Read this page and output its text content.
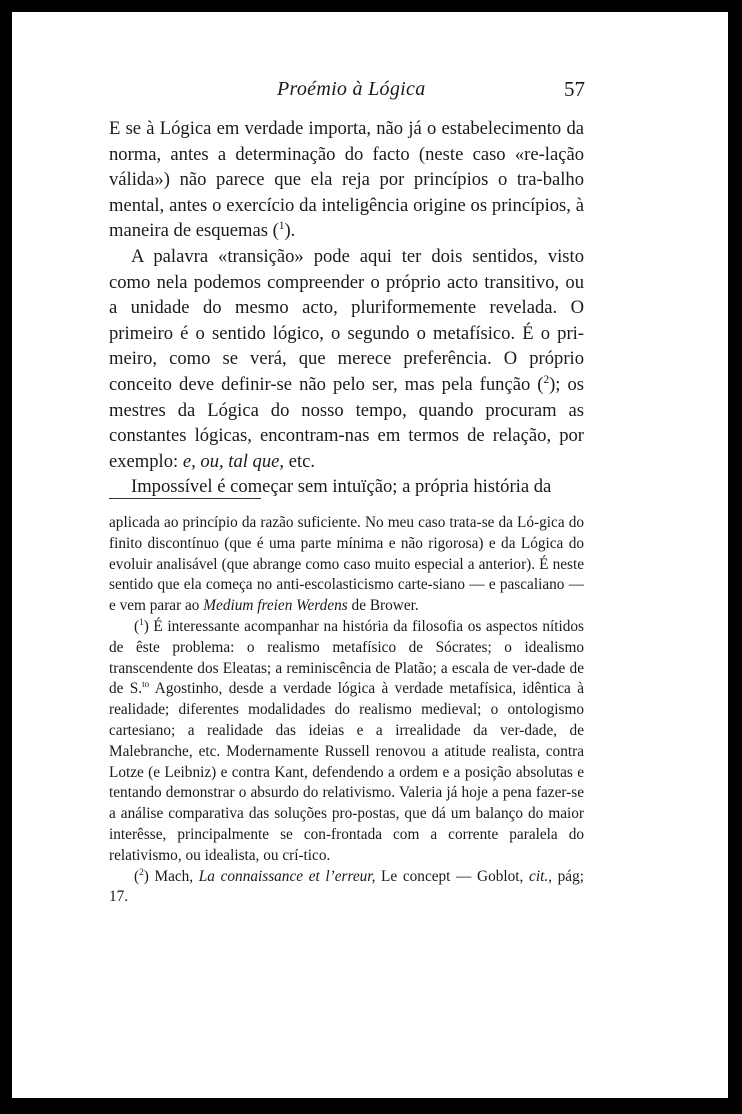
Proémio à Lógica	57

E se à Lógica em verdade importa, não já o estabelecimento da norma, antes a determinação do facto (neste caso «re-lação válida») não parece que ela reja por princípios o tra-balho mental, antes o exercício da inteligência origine os princípios, à maneira de esquemas ($^1$).

A palavra «transição» pode aqui ter dois sentidos, visto como nela podemos compreender o próprio acto transitivo, ou a unidade do mesmo acto, pluriformemente revelada. O primeiro é o sentido lógico, o segundo o metafísico. É o pri-meiro, como se verá, que merece preferência. O próprio conceito deve definir-se não pelo ser, mas pela função ($^2$); os mestres da Lógica do nosso tempo, quando procuram as constantes lógicas, encontram-nas em termos de relação, por exemplo: e, ou, tal que, etc.

Impossível é começar sem intuïção; a própria história da

aplicada ao princípio da razão suficiente. No meu caso trata-se da Ló-gica do finito discontínuo (que é uma parte mínima e não rigorosa) e da Lógica do evoluir analisável (que abrange como caso muito especial a anterior). É neste sentido que ela começa no anti-escolasticismo carte-siano — e pascaliano — e vem parar ao Medium freien Werdens de Brower.

($^1$) É interessante acompanhar na história da filosofia os aspectos nítidos de êste problema: o realismo metafísico de Sócrates; o idealismo transcendente dos Eleatas; a reminiscência de Platão; a escala de ver-dade de de S.$^{to}$ Agostinho, desde a verdade lógica à verdade metafísica, idêntica à realidade; diferentes modalidades do realismo medieval; o ontologismo cartesiano; a realidade das ideias e a irrealidade da ver-dade, de Malebranche, etc. Modernamente Russell renovou a atitude realista, contra Lotze (e Leibniz) e contra Kant, defendendo a ordem e a posição absolutas e tentando demonstrar o absurdo do relativismo. Valeria já hoje a pena fazer-se a análise comparativa das soluções pro-postas, que dá um balanço do maior interêsse, principalmente se con-frontada com a corrente paralela do relativismo, ou idealista, ou crí-tico.

($^2$) Mach, La connaissance et l’erreur, Le concept — Goblot, cit., pág; 17.
